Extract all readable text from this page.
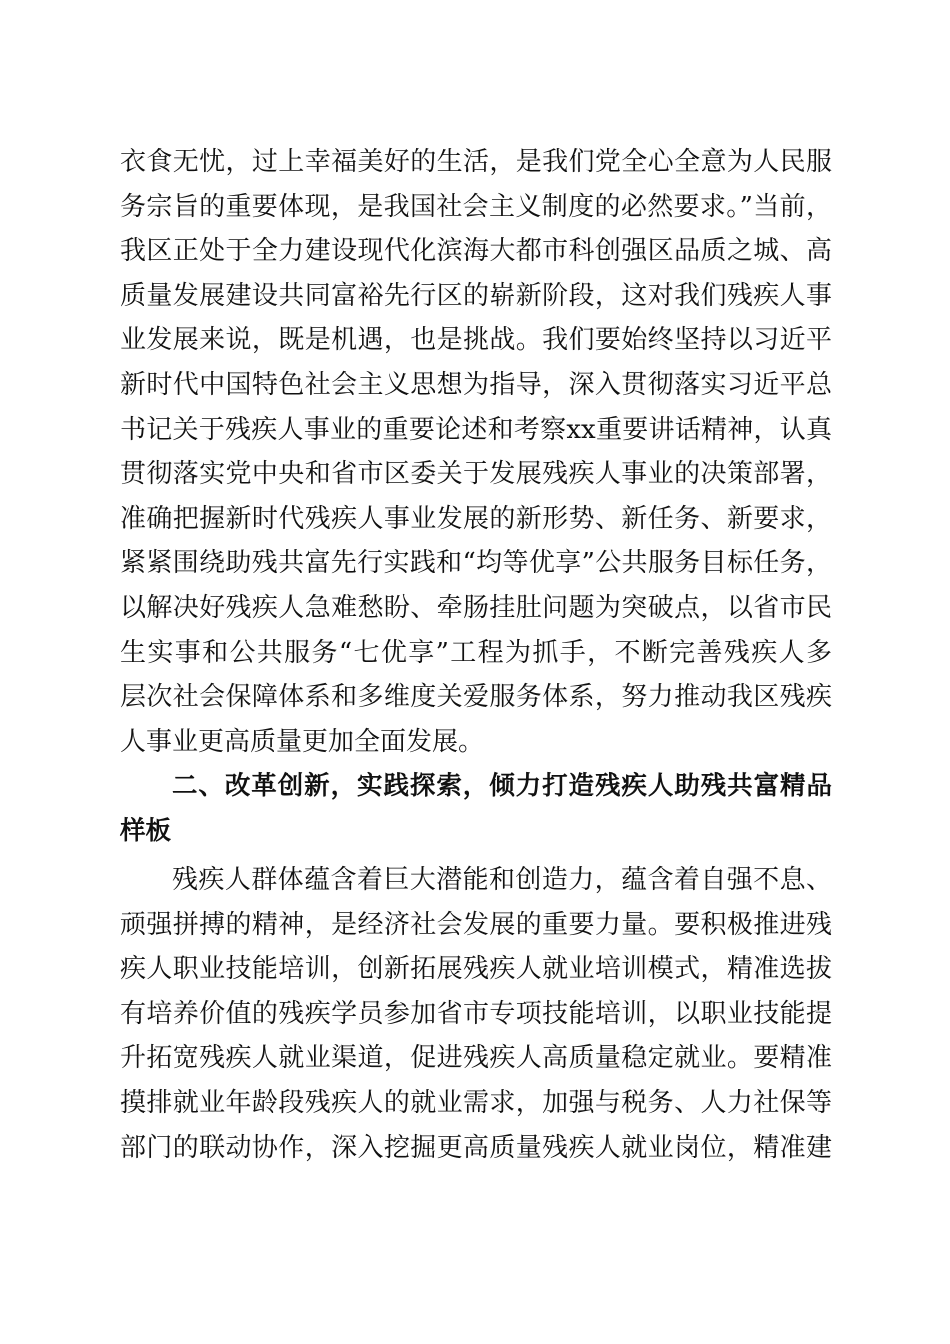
衣食无忧，过上幸福美好的生活，是我们党全心全意为人民服
务宗旨的重要体现，是我国社会主义制度的必然要求。”当前，
我区正处于全力建设现代化滨海大都市科创强区品质之城、高
质量发展建设共同富裕先行区的崭新阶段，这对我们残疾人事
业发展来说，既是机遇，也是挑战。我们要始终坚持以习近平
新时代中国特色社会主义思想为指导，深入贯彻落实习近平总
书记关于残疾人事业的重要论述和考察xx重要讲话精神，认真
贯彻落实党中央和省市区委关于发展残疾人事业的决策部署，
准确把握新时代残疾人事业发展的新形势、新任务、新要求，
紧紧围绕助残共富先行实践和“均等优享”公共服务目标任务，
以解决好残疾人急难愁盼、牵肠挂肚问题为突破点，以省市民
生实事和公共服务“七优享”工程为抓手，不断完善残疾人多
层次社会保障体系和多维度关爱服务体系，努力推动我区残疾
人事业更高质量更加全面发展。
二、改革创新，实践探索，倾力打造残疾人助残共富精品
样板
残疾人群体蕴含着巨大潜能和创造力，蕴含着自强不息、
顽强拼搏的精神，是经济社会发展的重要力量。要积极推进残
疾人职业技能培训，创新拓展残疾人就业培训模式，精准选拔
有培养价值的残疾学员参加省市专项技能培训，以职业技能提
升拓宽残疾人就业渠道，促进残疾人高质量稳定就业。要精准
摸排就业年龄段残疾人的就业需求，加强与税务、人力社保等
部门的联动协作，深入挖掘更高质量残疾人就业岗位，精准建
